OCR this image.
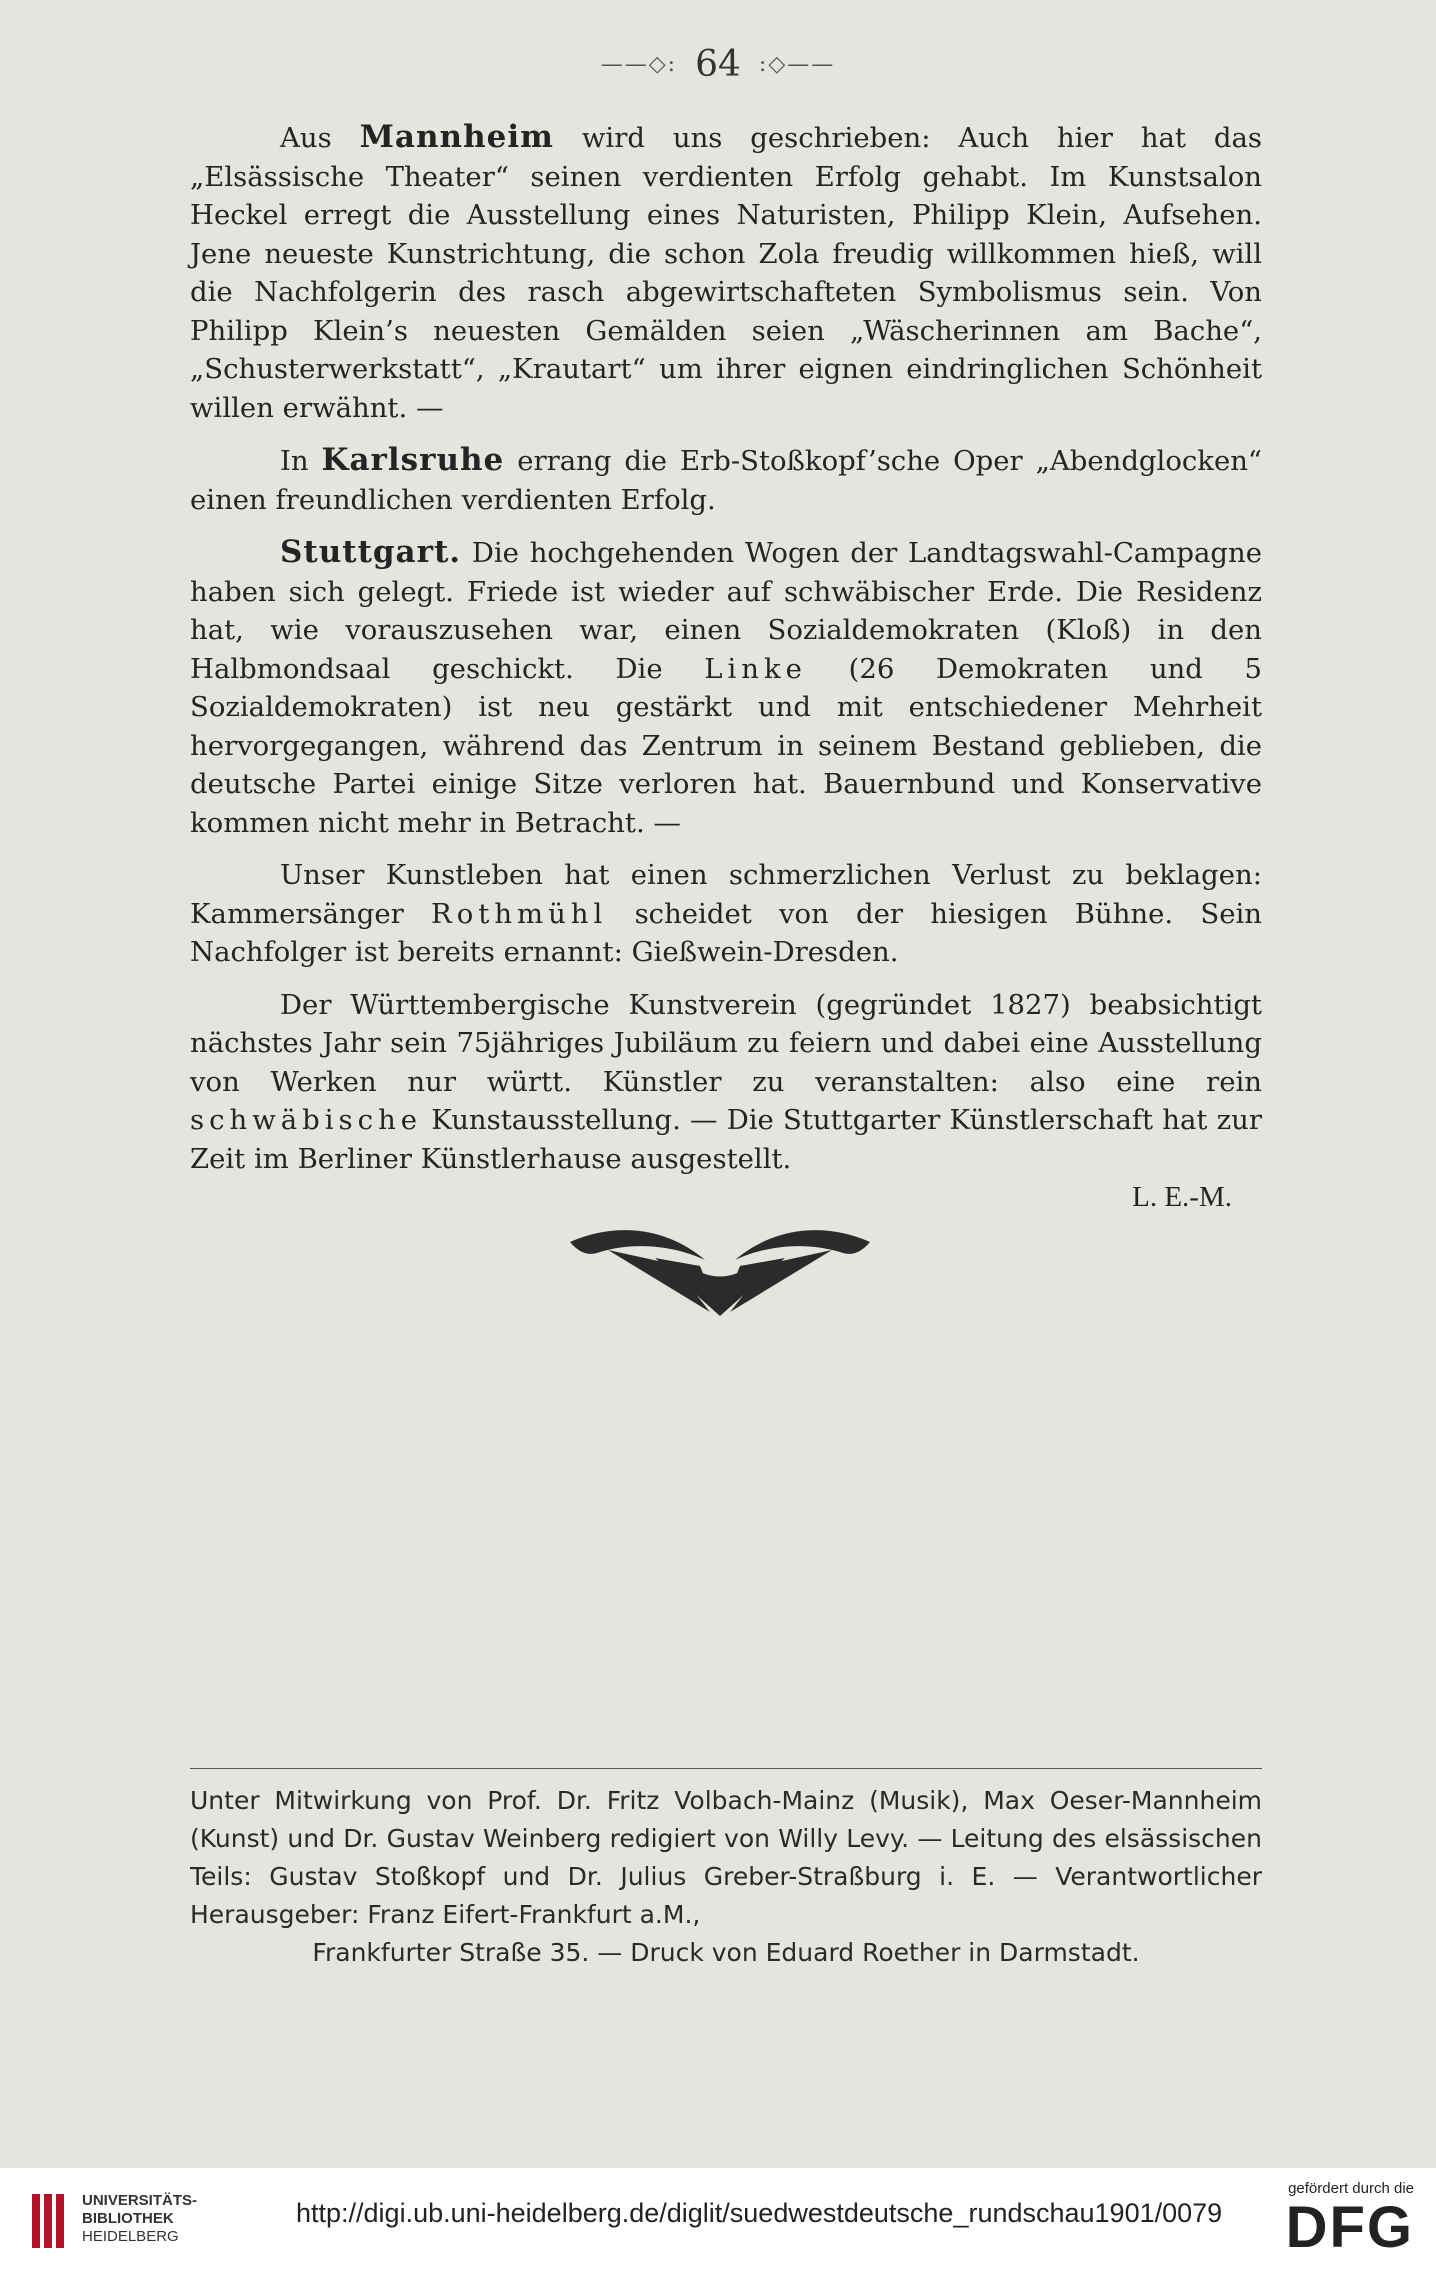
——◇: 64 :◇——

Aus Mannheim wird uns geschrieben: Auch hier hat das „Elsässische Theater“ seinen verdienten Erfolg gehabt. Im Kunstsalon Heckel erregt die Ausstellung eines Naturisten, Philipp Klein, Aufsehen. Jene neueste Kunstrichtung, die schon Zola freudig willkommen hieß, will die Nachfolgerin des rasch abgewirtschafteten Symbolismus sein. Von Philipp Klein’s neuesten Gemälden seien „Wäscherinnen am Bache“, „Schusterwerkstatt“, „Krautart“ um ihrer eignen eindringlichen Schönheit willen erwähnt. —

In Karlsruhe errang die Erb-Stoßkopf’sche Oper „Abendglocken“ einen freundlichen verdienten Erfolg.

Stuttgart. Die hochgehenden Wogen der Landtagswahl-Campagne haben sich gelegt. Friede ist wieder auf schwäbischer Erde. Die Residenz hat, wie vorauszusehen war, einen Sozialdemokraten (Kloß) in den Halbmondsaal geschickt. Die Linke (26 Demokraten und 5 Sozialdemokraten) ist neu gestärkt und mit entschiedener Mehrheit hervorgegangen, während das Zentrum in seinem Bestand geblieben, die deutsche Partei einige Sitze verloren hat. Bauernbund und Konservative kommen nicht mehr in Betracht. —

Unser Kunstleben hat einen schmerzlichen Verlust zu beklagen: Kammersänger Rothmühl scheidet von der hiesigen Bühne. Sein Nachfolger ist bereits ernannt: Gießwein-Dresden.

Der Württembergische Kunstverein (gegründet 1827) beabsichtigt nächstes Jahr sein 75jähriges Jubiläum zu feiern und dabei eine Ausstellung von Werken nur württ. Künstler zu veranstalten: also eine rein schwäbische Kunstausstellung. — Die Stuttgarter Künstlerschaft hat zur Zeit im Berliner Künstlerhause ausgestellt.

L. E.-M.

Unter Mitwirkung von Prof. Dr. Fritz Volbach-Mainz (Musik), Max Oeser-Mannheim (Kunst) und Dr. Gustav Weinberg redigiert von Willy Levy. — Leitung des elsässischen Teils: Gustav Stoßkopf und Dr. Julius Greber-Straßburg i. E. — Verantwortlicher Herausgeber: Franz Eifert-Frankfurt a.M.,

Frankfurter Straße 35. — Druck von Eduard Roether in Darmstadt.

UNIVERSITÄTS-
BIBLIOTHEK
HEIDELBERG
http://digi.ub.uni-heidelberg.de/diglit/suedwestdeutsche_rundschau1901/0079
gefördert durch die
DFG
